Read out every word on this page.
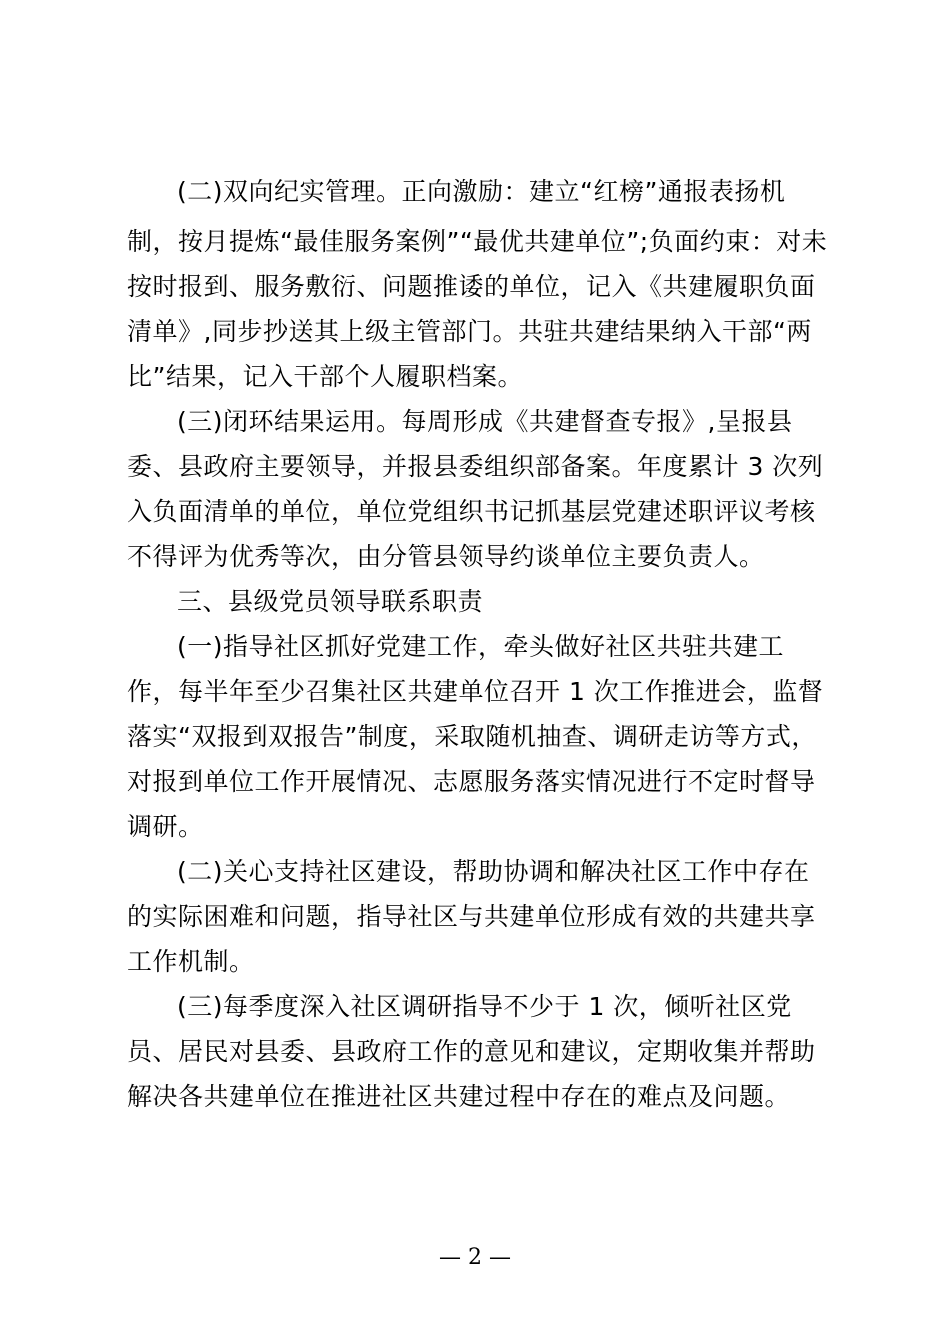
(二)双向纪实管理。正向激励：建立“红榜”通报表扬机
制，按月提炼“最佳服务案例”“最优共建单位”;负面约束：对未
按时报到、服务敷衍、问题推诿的单位，记入《共建履职负面
清单》,同步抄送其上级主管部门。共驻共建结果纳入干部“两
比”结果，记入干部个人履职档案。
(三)闭环结果运用。每周形成《共建督查专报》,呈报县
委、县政府主要领导，并报县委组织部备案。年度累计 3 次列
入负面清单的单位，单位党组织书记抓基层党建述职评议考核
不得评为优秀等次，由分管县领导约谈单位主要负责人。
三、县级党员领导联系职责
(一)指导社区抓好党建工作，牵头做好社区共驻共建工
作，每半年至少召集社区共建单位召开 1 次工作推进会，监督
落实“双报到双报告”制度，采取随机抽查、调研走访等方式，
对报到单位工作开展情况、志愿服务落实情况进行不定时督导
调研。
(二)关心支持社区建设，帮助协调和解决社区工作中存在
的实际困难和问题，指导社区与共建单位形成有效的共建共享
工作机制。
(三)每季度深入社区调研指导不少于 1 次，倾听社区党
员、居民对县委、县政府工作的意见和建议，定期收集并帮助
解决各共建单位在推进社区共建过程中存在的难点及问题。
— 2 —
